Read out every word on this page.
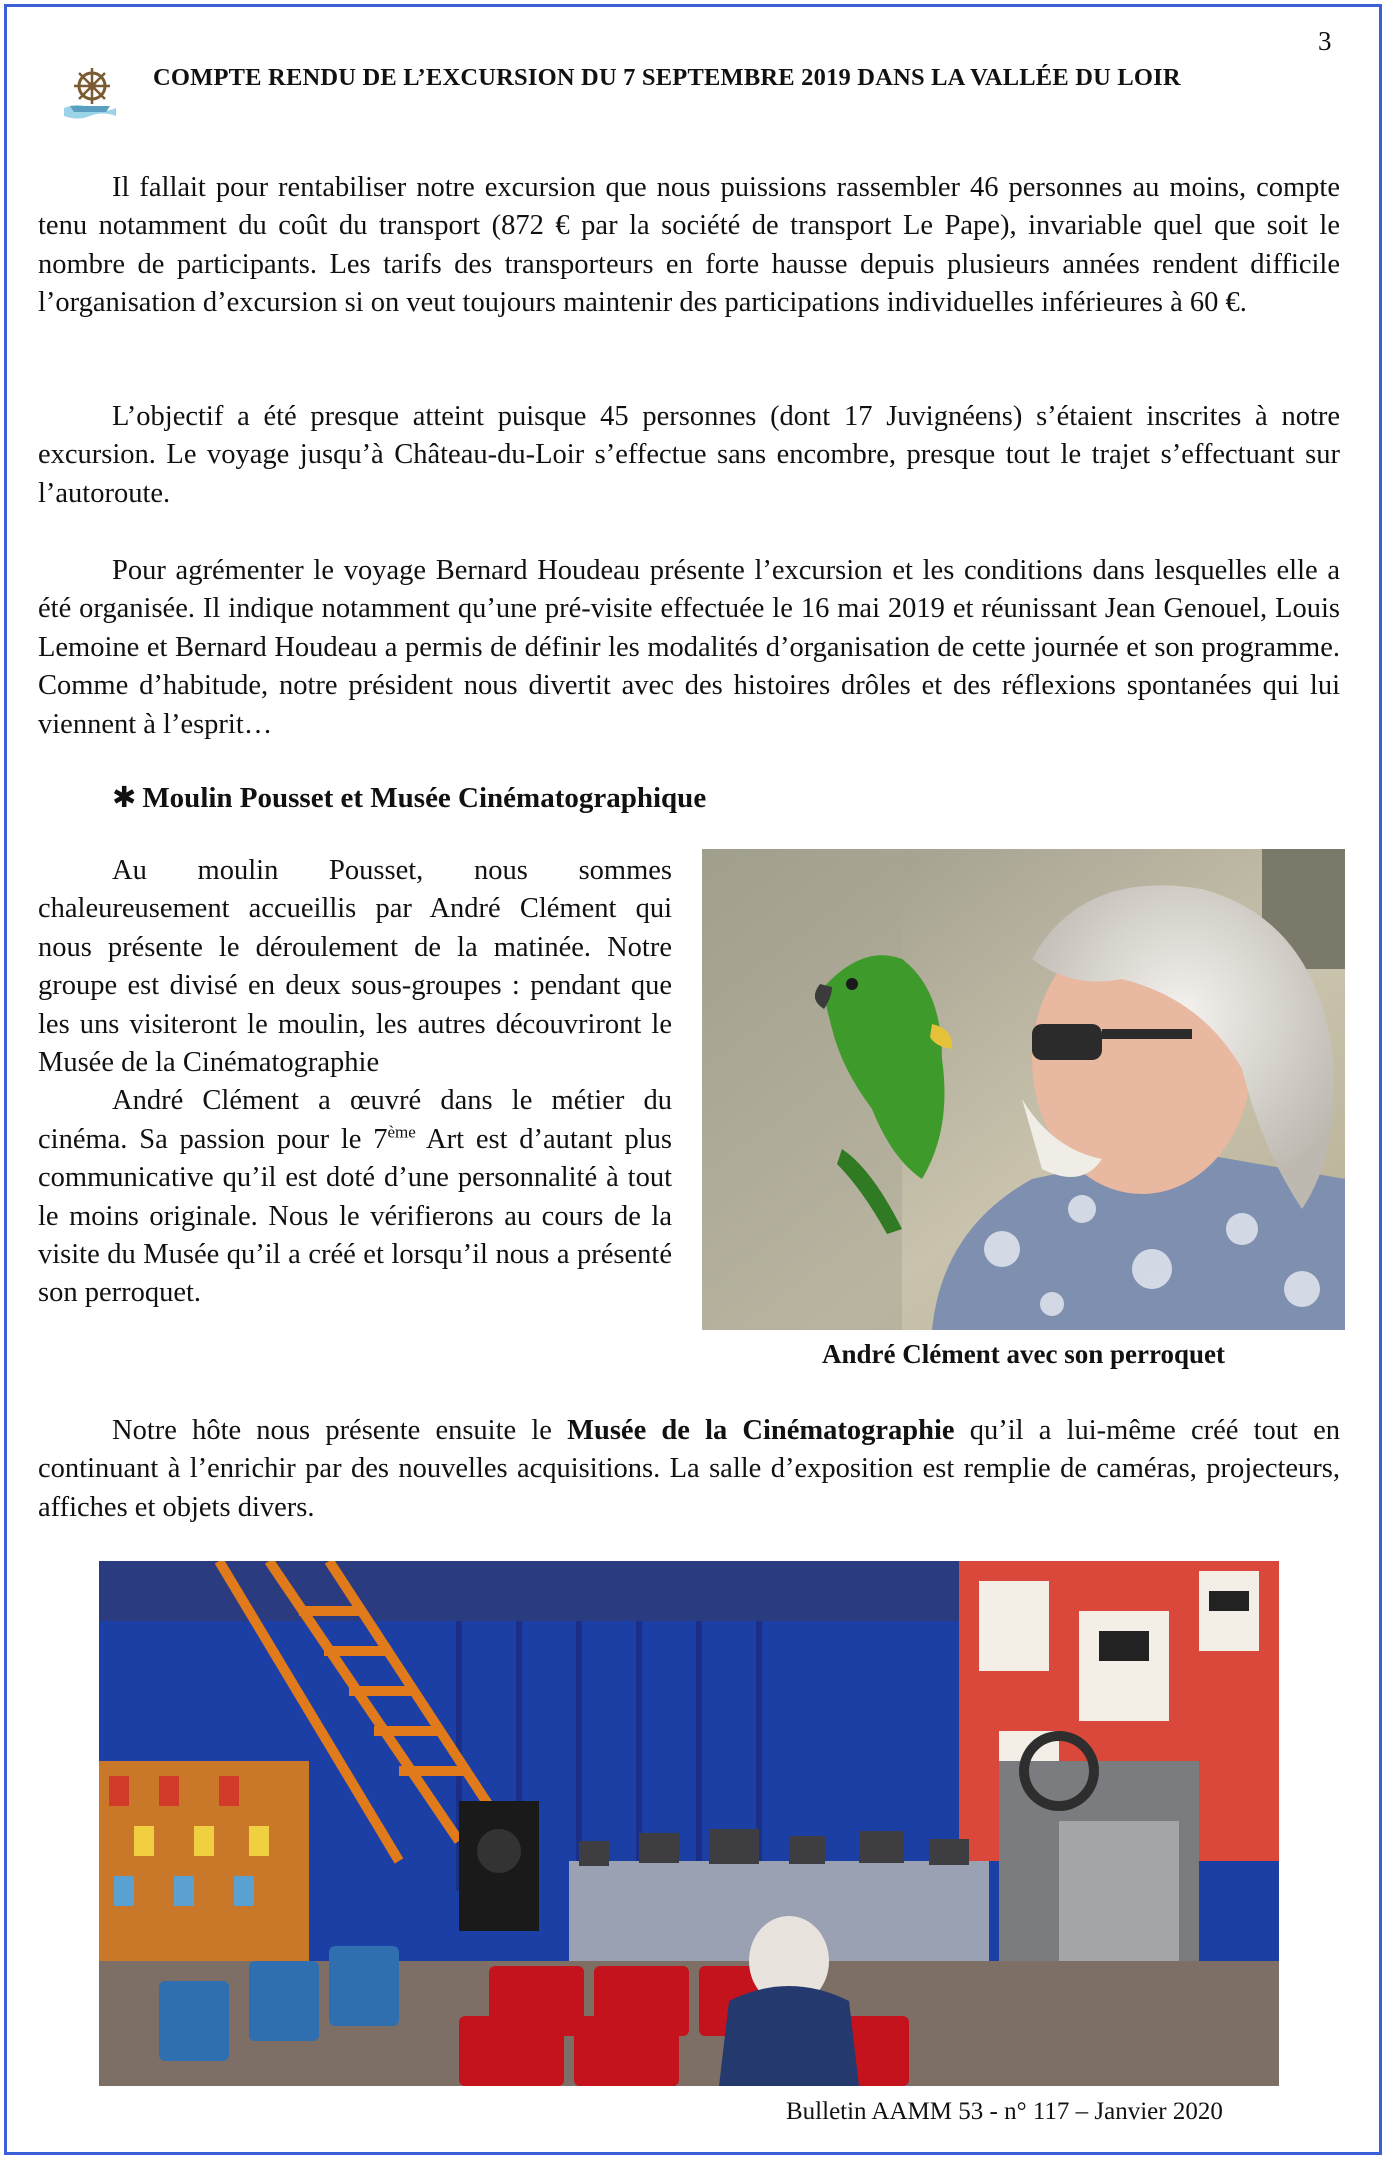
3
COMPTE RENDU DE L’EXCURSION DU 7 SEPTEMBRE 2019 DANS LA VALLÉE DU LOIR

Il fallait pour rentabiliser notre excursion que nous puissions rassembler 46 personnes au moins, compte tenu notamment du coût du transport (872 € par la société de transport Le Pape), invariable quel que soit le nombre de participants. Les tarifs des transporteurs en forte hausse depuis plusieurs années rendent difficile l’organisation d’excursion si on veut toujours maintenir des participations individuelles inférieures à 60 €.

L’objectif a été presque atteint puisque 45 personnes (dont 17 Juvignéens) s’étaient inscrites à notre excursion. Le voyage jusqu’à Château-du-Loir s’effectue sans encombre, presque tout le trajet s’effectuant sur l’autoroute.

Pour agrémenter le voyage Bernard Houdeau présente l’excursion et les conditions dans lesquelles elle a été organisée. Il indique notamment qu’une pré-visite effectuée le 16 mai 2019 et réunissant Jean Genouel, Louis Lemoine et Bernard Houdeau a permis de définir les modalités d’organisation de cette journée et son programme. Comme d’habitude, notre président nous divertit avec des histoires drôles et des réflexions spontanées qui lui viennent à l’esprit…

✱ Moulin Pousset et Musée Cinématographique

Au moulin Pousset, nous sommes chaleureusement accueillis par André Clément qui nous présente le déroulement de la matinée. Notre groupe est divisé en deux sous-groupes : pendant que les uns visiteront le moulin, les autres découvriront le Musée de la Cinématographie
André Clément a œuvré dans le métier du cinéma. Sa passion pour le 7ème Art est d’autant plus communicative qu’il est doté d’une personnalité à tout le moins originale. Nous le vérifierons au cours de la visite du Musée qu’il a créé et lorsqu’il nous a présenté son perroquet.

André Clément avec son perroquet

Notre hôte nous présente ensuite le Musée de la Cinématographie qu’il a lui-même créé tout en continuant à l’enrichir par des nouvelles acquisitions. La salle d’exposition est remplie de caméras, projecteurs, affiches et objets divers.

Bulletin AAMM 53 - n° 117 – Janvier 2020
